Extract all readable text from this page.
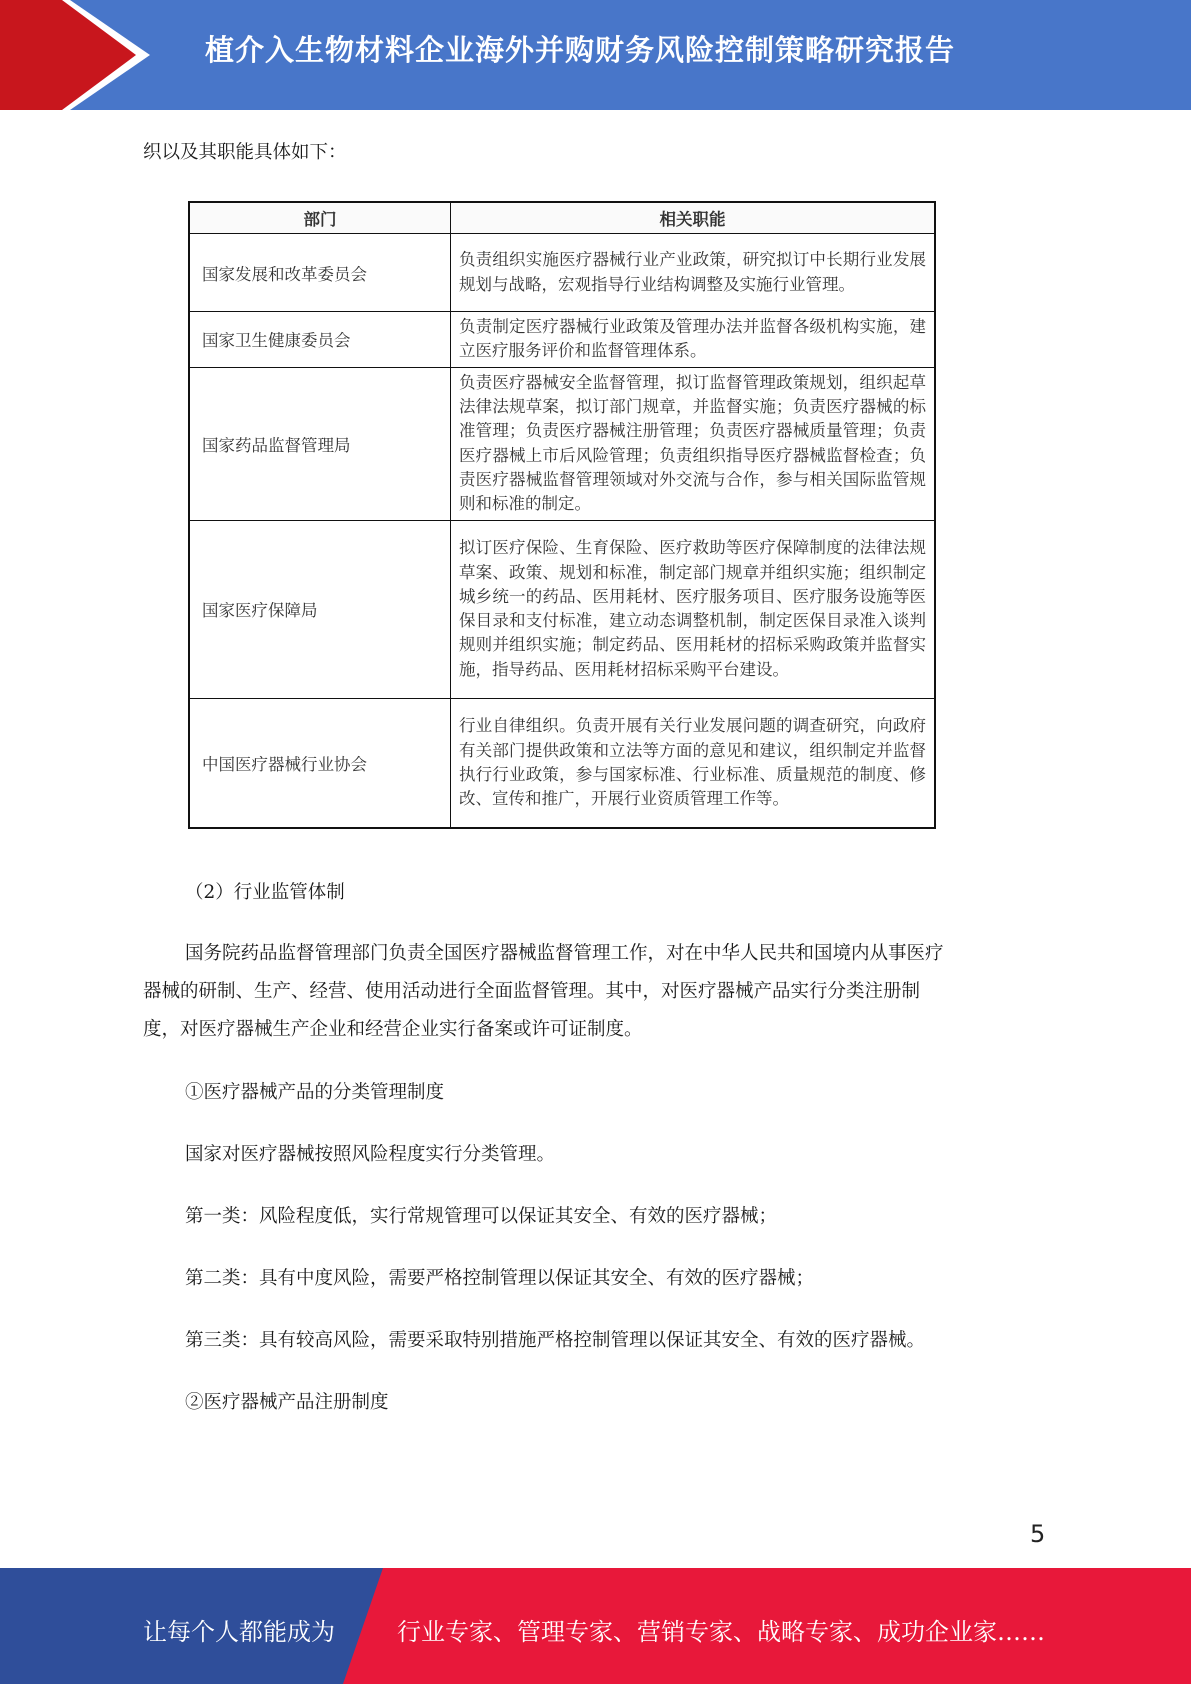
植介入生物材料企业海外并购财务风险控制策略研究报告
织以及其职能具体如下：
部门	相关职能
国家发展和改革委员会	负责组织实施医疗器械行业产业政策，研究拟订中长期行业发展规划与战略，宏观指导行业结构调整及实施行业管理。
国家卫生健康委员会	负责制定医疗器械行业政策及管理办法并监督各级机构实施，建立医疗服务评价和监督管理体系。
国家药品监督管理局	负责医疗器械安全监督管理，拟订监督管理政策规划，组织起草法律法规草案，拟订部门规章，并监督实施；负责医疗器械的标准管理；负责医疗器械注册管理；负责医疗器械质量管理；负责医疗器械上市后风险管理；负责组织指导医疗器械监督检查；负责医疗器械监督管理领域对外交流与合作，参与相关国际监管规则和标准的制定。
国家医疗保障局	拟订医疗保险、生育保险、医疗救助等医疗保障制度的法律法规草案、政策、规划和标准，制定部门规章并组织实施；组织制定城乡统一的药品、医用耗材、医疗服务项目、医疗服务设施等医保目录和支付标准，建立动态调整机制，制定医保目录准入谈判规则并组织实施；制定药品、医用耗材的招标采购政策并监督实施，指导药品、医用耗材招标采购平台建设。
中国医疗器械行业协会	行业自律组织。负责开展有关行业发展问题的调查研究，向政府有关部门提供政策和立法等方面的意见和建议，组织制定并监督执行行业政策，参与国家标准、行业标准、质量规范的制度、修改、宣传和推广，开展行业资质管理工作等。
（2）行业监管体制
国务院药品监督管理部门负责全国医疗器械监督管理工作，对在中华人民共和国境内从事医疗
器械的研制、生产、经营、使用活动进行全面监督管理。其中，对医疗器械产品实行分类注册制
度，对医疗器械生产企业和经营企业实行备案或许可证制度。
①医疗器械产品的分类管理制度
国家对医疗器械按照风险程度实行分类管理。
第一类：风险程度低，实行常规管理可以保证其安全、有效的医疗器械；
第二类：具有中度风险，需要严格控制管理以保证其安全、有效的医疗器械；
第三类：具有较高风险，需要采取特别措施严格控制管理以保证其安全、有效的医疗器械。
②医疗器械产品注册制度
5
让每个人都能成为	行业专家、管理专家、营销专家、战略专家、成功企业家……
